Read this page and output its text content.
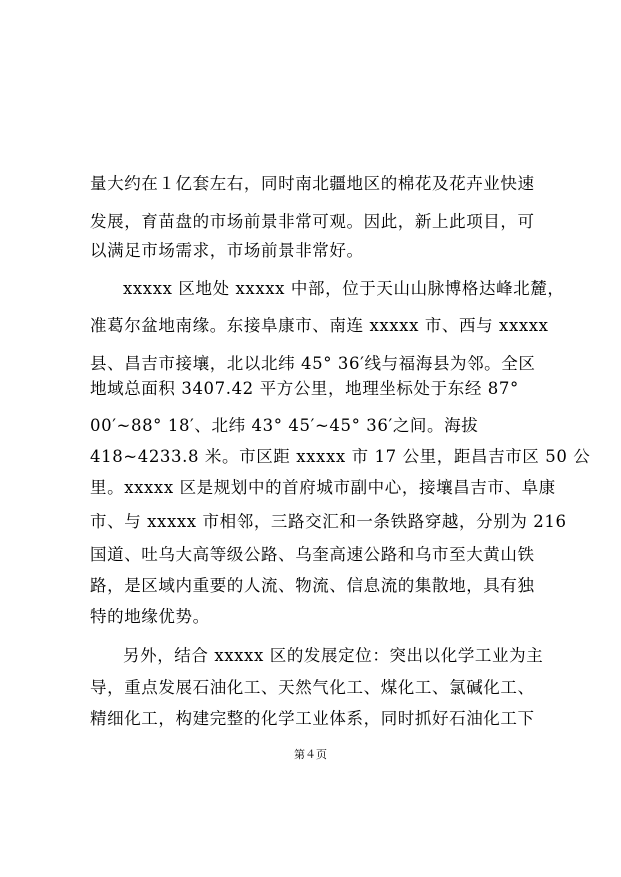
量大约在１亿套左右，同时南北疆地区的棉花及花卉业快速
发展，育苗盘的市场前景非常可观。因此，新上此项目，可
以满足市场需求，市场前景非常好。
xxxxx 区地处 xxxxx 中部，位于天山山脉博格达峰北麓，
准葛尔盆地南缘。东接阜康市、南连 xxxxx 市、西与 xxxxx
县、昌吉市接壤，北以北纬 45° 36′线与福海县为邻。全区
地域总面积 3407.42 平方公里，地理坐标处于东经 87°
00′~88° 18′、北纬 43° 45′~45° 36′之间。海拔
418~4233.8 米。市区距 xxxxx 市 17 公里，距昌吉市区 50 公
里。xxxxx 区是规划中的首府城市副中心，接壤昌吉市、阜康
市、与 xxxxx 市相邻，三路交汇和一条铁路穿越，分别为 216
国道、吐乌大高等级公路、乌奎高速公路和乌市至大黄山铁
路，是区域内重要的人流、物流、信息流的集散地，具有独
特的地缘优势。
另外，结合 xxxxx 区的发展定位：突出以化学工业为主
导，重点发展石油化工、天然气化工、煤化工、氯碱化工、
精细化工，构建完整的化学工业体系，同时抓好石油化工下
第４页
